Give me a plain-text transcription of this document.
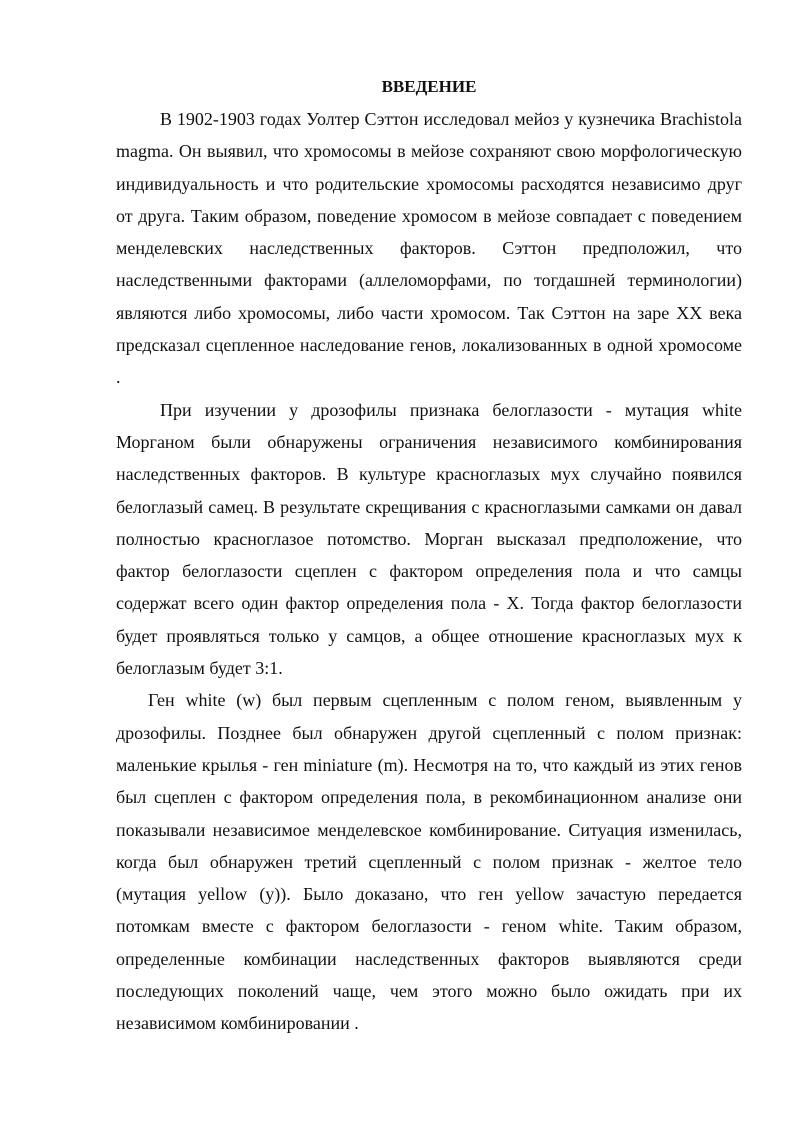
ВВЕДЕНИЕ

В 1902-1903 годах Уолтер Сэттон исследовал мейоз у кузнечика Brachistola magma. Он выявил, что хромосомы в мейозе сохраняют свою морфологическую индивидуальность и что родительские хромосомы расходятся независимо друг от друга. Таким образом, поведение хромосом в мейозе совпадает с поведением менделевских наследственных факторов. Сэттон предположил, что наследственными факторами (аллеломорфами, по тогдашней терминологии) являются либо хромосомы, либо части хромосом. Так Сэттон на заре XX века предсказал сцепленное наследование генов, локализованных в одной хромосоме .

При изучении у дрозофилы признака белоглазости - мутация white Морганом были обнаружены ограничения независимого комбинирования наследственных факторов. В культуре красноглазых мух случайно появился белоглазый самец. В результате скрещивания с красноглазыми самками он давал полностью красноглазое потомство. Морган высказал предположение, что фактор белоглазости сцеплен с фактором определения пола и что самцы содержат всего один фактор определения пола - X. Тогда фактор белоглазости будет проявляться только у самцов, а общее отношение красноглазых мух к белоглазым будет 3:1.

Ген white (w) был первым сцепленным с полом геном, выявленным у дрозофилы. Позднее был обнаружен другой сцепленный с полом признак: маленькие крылья - ген miniature (m). Несмотря на то, что каждый из этих генов был сцеплен с фактором определения пола, в рекомбинационном анализе они показывали независимое менделевское комбинирование. Ситуация изменилась, когда был обнаружен третий сцепленный с полом признак - желтое тело (мутация yellow (y)). Было доказано, что ген yellow зачастую передается потомкам вместе с фактором белоглазости - геном white. Таким образом, определенные комбинации наследственных факторов выявляются среди последующих поколений чаще, чем этого можно было ожидать при их независимом комбинировании .
